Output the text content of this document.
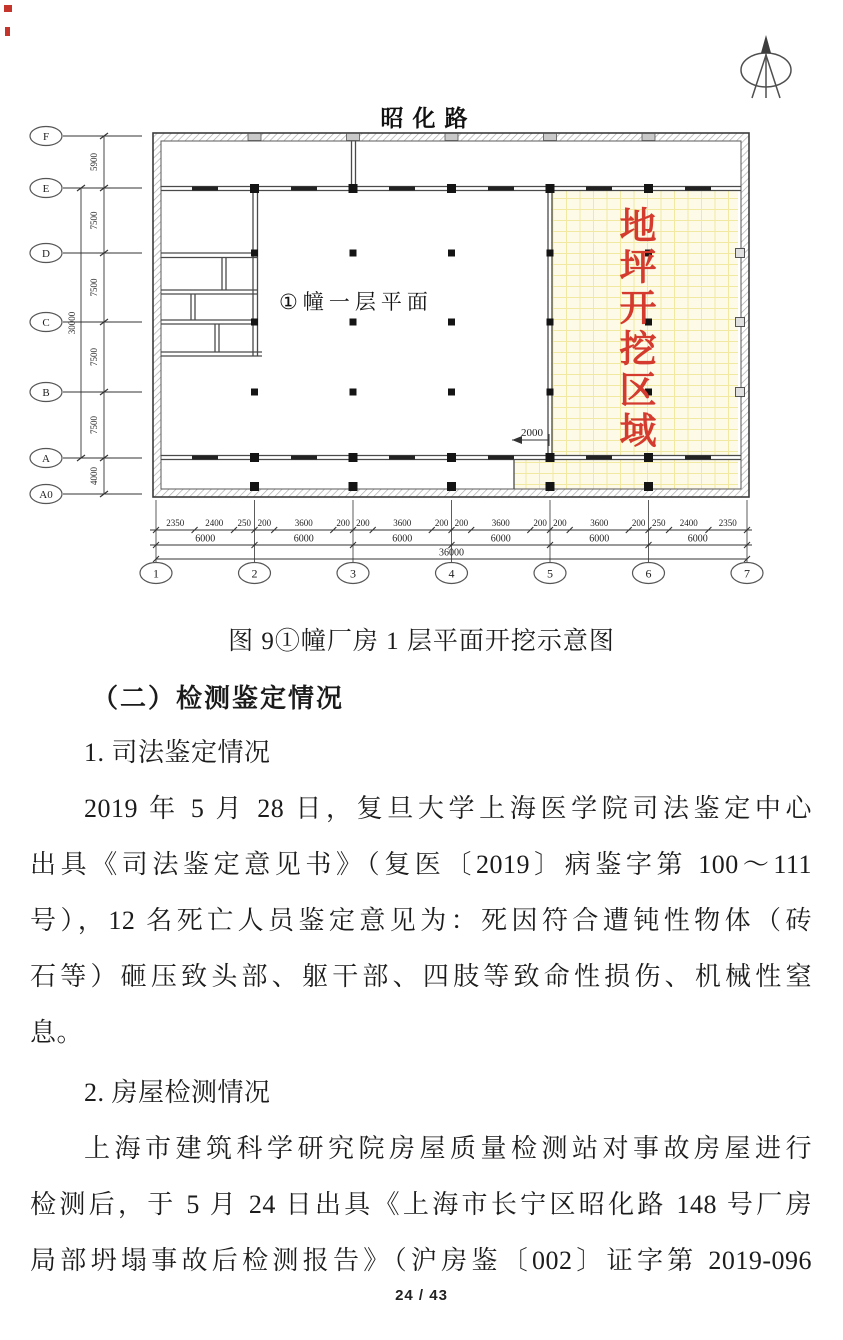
2000
F
E
D
C
B
A
A0
5900
7500
7500
7500
7500
4000
30000
2350 2400 250 200	3600	200 200	3600	200 200	3600	200 200	3600	200 250 2400 2350
6000	6000	6000	6000	6000	6000
36000
1	2	3	4	5	6	7
昭化路
①幢一层平面	地坪开挖区域
图 9①幢厂房 1 层平面开挖示意图
（二）检测鉴定情况
1. 司法鉴定情况
2019 年 5 月 28 日，复旦大学上海医学院司法鉴定中心
出具《司法鉴定意见书》（复医〔2019〕病鉴字第 100～111
号），12 名死亡人员鉴定意见为：死因符合遭钝性物体（砖
石等）砸压致头部、躯干部、四肢等致命性损伤、机械性窒
息。
2. 房屋检测情况
上海市建筑科学研究院房屋质量检测站对事故房屋进行
检测后，于 5 月 24 日出具《上海市长宁区昭化路 148 号厂房
局部坍塌事故后检测报告》（沪房鉴〔002〕证字第 2019-096
24 / 43
